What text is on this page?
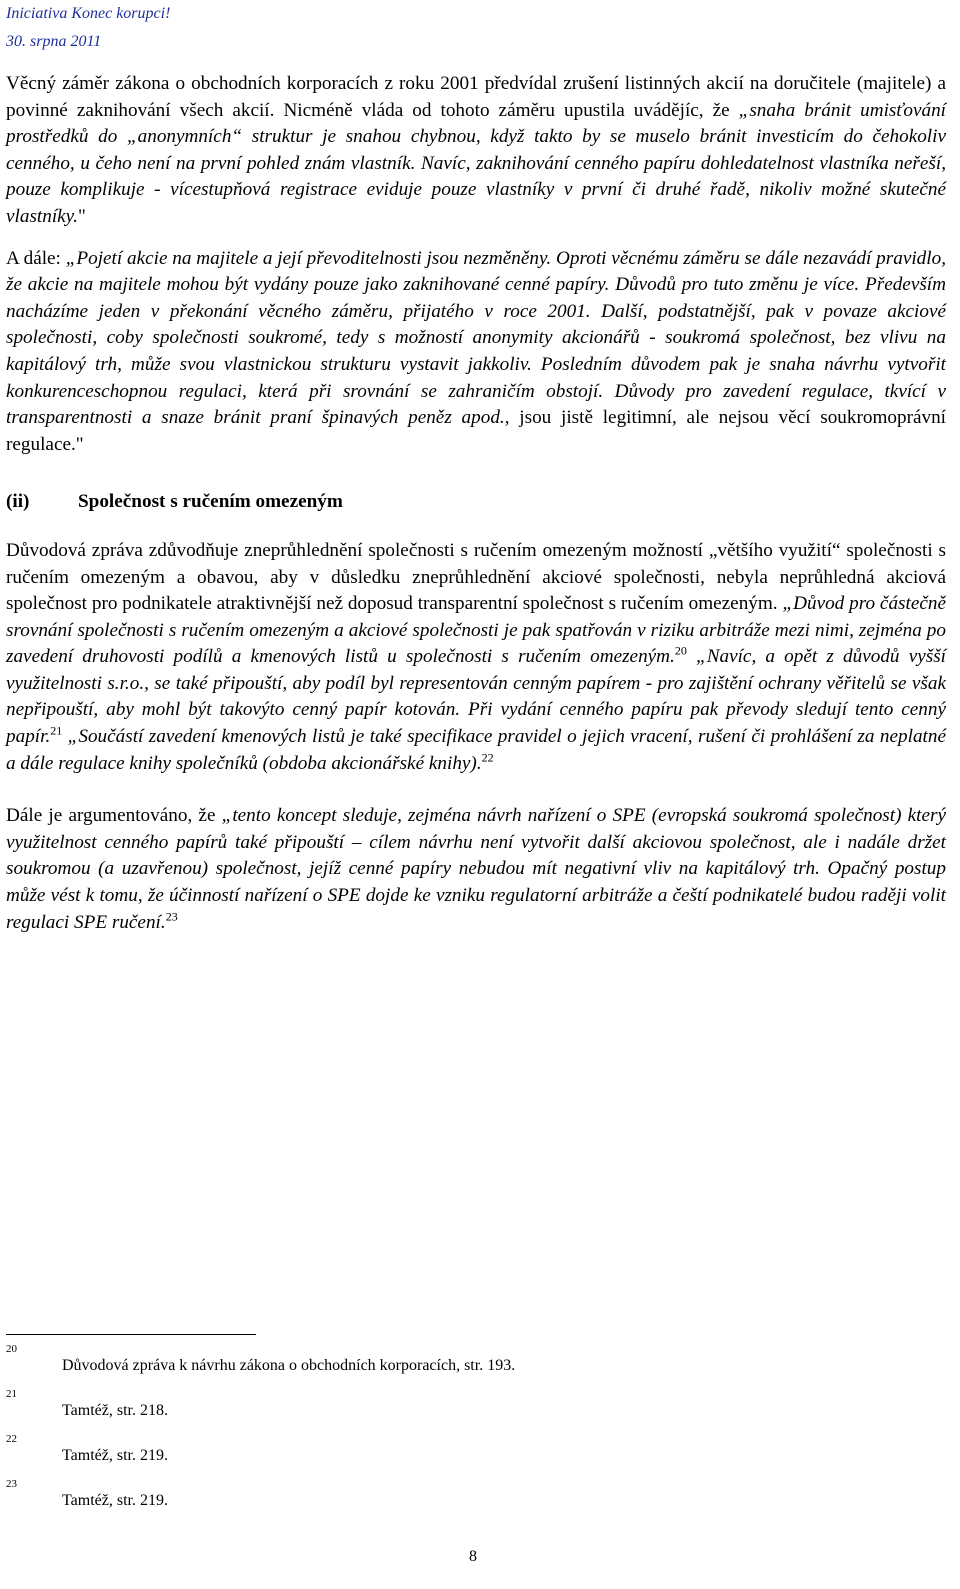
Iniciativa Konec korupci!
30. srpna 2011

Věcný záměr zákona o obchodních korporacích z roku 2001 předvídal zrušení listinných akcií na doručitele (majitele) a povinné zaknihování všech akcií. Nicméně vláda od tohoto záměru upustila uvádějíc, že „snaha bránit umisťování prostředků do „anonymních“ struktur je snahou chybnou, když takto by se muselo bránit investicím do čehokoliv cenného, u čeho není na první pohled znám vlastník. Navíc, zaknihování cenného papíru dohledatelnost vlastníka neřeší, pouze komplikuje - vícestupňová registrace eviduje pouze vlastníky v první či druhé řadě, nikoliv možné skutečné vlastníky."

A dále: „Pojetí akcie na majitele a její převoditelnosti jsou nezměněny. Oproti věcnému záměru se dále nezavádí pravidlo, že akcie na majitele mohou být vydány pouze jako zaknihované cenné papíry. Důvodů pro tuto změnu je více. Především nacházíme jeden v překonání věcného záměru, přijatého v roce 2001. Další, podstatnější, pak v povaze akciové společnosti, coby společnosti soukromé, tedy s možností anonymity akcionářů - soukromá společnost, bez vlivu na kapitálový trh, může svou vlastnickou strukturu vystavit jakkoliv. Posledním důvodem pak je snaha návrhu vytvořit konkurenceschopnou regulaci, která při srovnání se zahraničím obstojí. Důvody pro zavedení regulace, tkvící v transparentnosti a snaze bránit praní špinavých peněz apod., jsou jistě legitimní, ale nejsou věcí soukromoprávní regulace."

(ii)	Společnost s ručením omezeným

Důvodová zpráva zdůvodňuje zneprůhlednění společnosti s ručením omezeným možností „většího využití“ společnosti s ručením omezeným a obavou, aby v důsledku zneprůhlednění akciové společnosti, nebyla neprůhledná akciová společnost pro podnikatele atraktivnější než doposud transparentní společnost s ručením omezeným. „Důvod pro částečně srovnání společnosti s ručením omezeným a akciové společnosti je pak spatřován v riziku arbitráže mezi nimi, zejména po zavedení druhovosti podílů a kmenových listů u společnosti s ručením omezeným.$^{20}$ „Navíc, a opět z důvodů vyšší využitelnosti s.r.o., se také připouští, aby podíl byl representován cenným papírem - pro zajištění ochrany věřitelů se však nepřipouští, aby mohl být takovýto cenný papír kotován. Při vydání cenného papíru pak převody sledují tento cenný papír.$^{21}$ „Součástí zavedení kmenových listů je také specifikace pravidel o jejich vracení, rušení či prohlášení za neplatné a dále regulace knihy společníků (obdoba akcionářské knihy).$^{22}$

Dále je argumentováno, že „tento koncept sleduje, zejména návrh nařízení o SPE (evropská soukromá společnost) který využitelnost cenného papírů také připouští – cílem návrhu není vytvořit další akciovou společnost, ale i nadále držet soukromou (a uzavřenou) společnost, jejíž cenné papíry nebudou mít negativní vliv na kapitálový trh. Opačný postup může vést k tomu, že účinností nařízení o SPE dojde ke vzniku regulatorní arbitráže a čeští podnikatelé budou raději volit regulaci SPE ručení.$^{23}$

20
Důvodová zpráva k návrhu zákona o obchodních korporacích, str. 193.
21
Tamtéž, str. 218.
22
Tamtéž, str. 219.
23
Tamtéž, str. 219.
8
